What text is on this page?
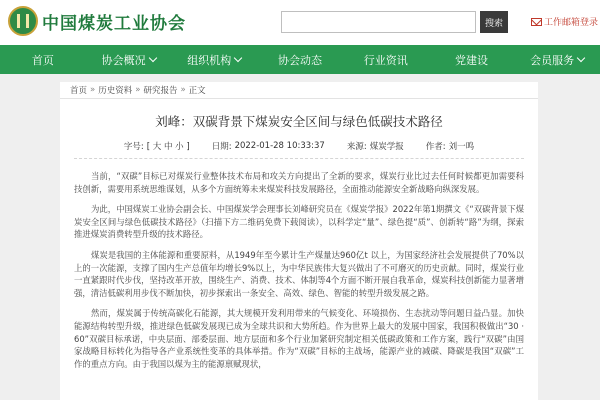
中国煤炭工业协会	搜索	工作邮箱登录
首页	协会概况	组织机构	协会动态	行业资讯	党建设	会员服务
首页 » 历史资料 » 研究报告 » 正文
刘峰：双碳背景下煤炭安全区间与绿色低碳技术路径
字号: [ 大 中 小 ]	日期: 2022-01-28 10:33:37	来源: 煤炭学报	作者: 刘一鸣

当前，“双碳”目标已对煤炭行业整体技术布局和攻关方向提出了全新的要求，煤炭行业比过去任何时候都更加需要科技创新，需要用系统思维谋划，从多个方面统筹未来煤炭科技发展路径，全面推动能源安全新战略向纵深发展。

为此，中国煤炭工业协会副会长、中国煤炭学会理事长刘峰研究员在《煤炭学报》2022年第1期撰文《“双碳背景下煤炭安全区间与绿色低碳技术路径》（扫描下方二维码免费下载阅读），以科学定“量”、绿色提“质”、创新转“路”为纲，探索推进煤炭消费转型升级的技术路径。

煤炭是我国的主体能源和重要原料，从1949年至今累计生产煤量达960亿t 以上，为国家经济社会发展提供了70%以上的一次能源，支撑了国内生产总值年均增长9%以上，为中华民族伟大复兴做出了不可磨灭的历史贡献。同时，煤炭行业一直紧跟时代步伐，坚持改革开放，围绕生产、消费、技术、体制等4个方面不断开展自我革命，煤炭科技创新能力显著增强，清洁低碳利用步伐不断加快，初步探索出一条安全、高效、绿色、智能的转型升级发展之路。

然而，煤炭属于传统高碳化石能源，其大规模开发利用带来的气候变化、环境损伤、生态扰动等问题日益凸显。加快能源结构转型升级，推进绿色低碳发展现已成为全球共识和大势所趋。作为世界上最大的发展中国家，我国积极做出“30 · 60”双碳目标承诺，中央层面、部委层面、地方层面和多个行业加紧研究制定相关低碳政策和工作方案，践行“双碳”由国家战略目标转化为指导各产业系统性变革的具体举措。作为“双碳”目标的主战场，能源产业的减碳、降碳是我国“双碳”工作的重点方向。由于我国以煤为主的能源禀赋现状，
